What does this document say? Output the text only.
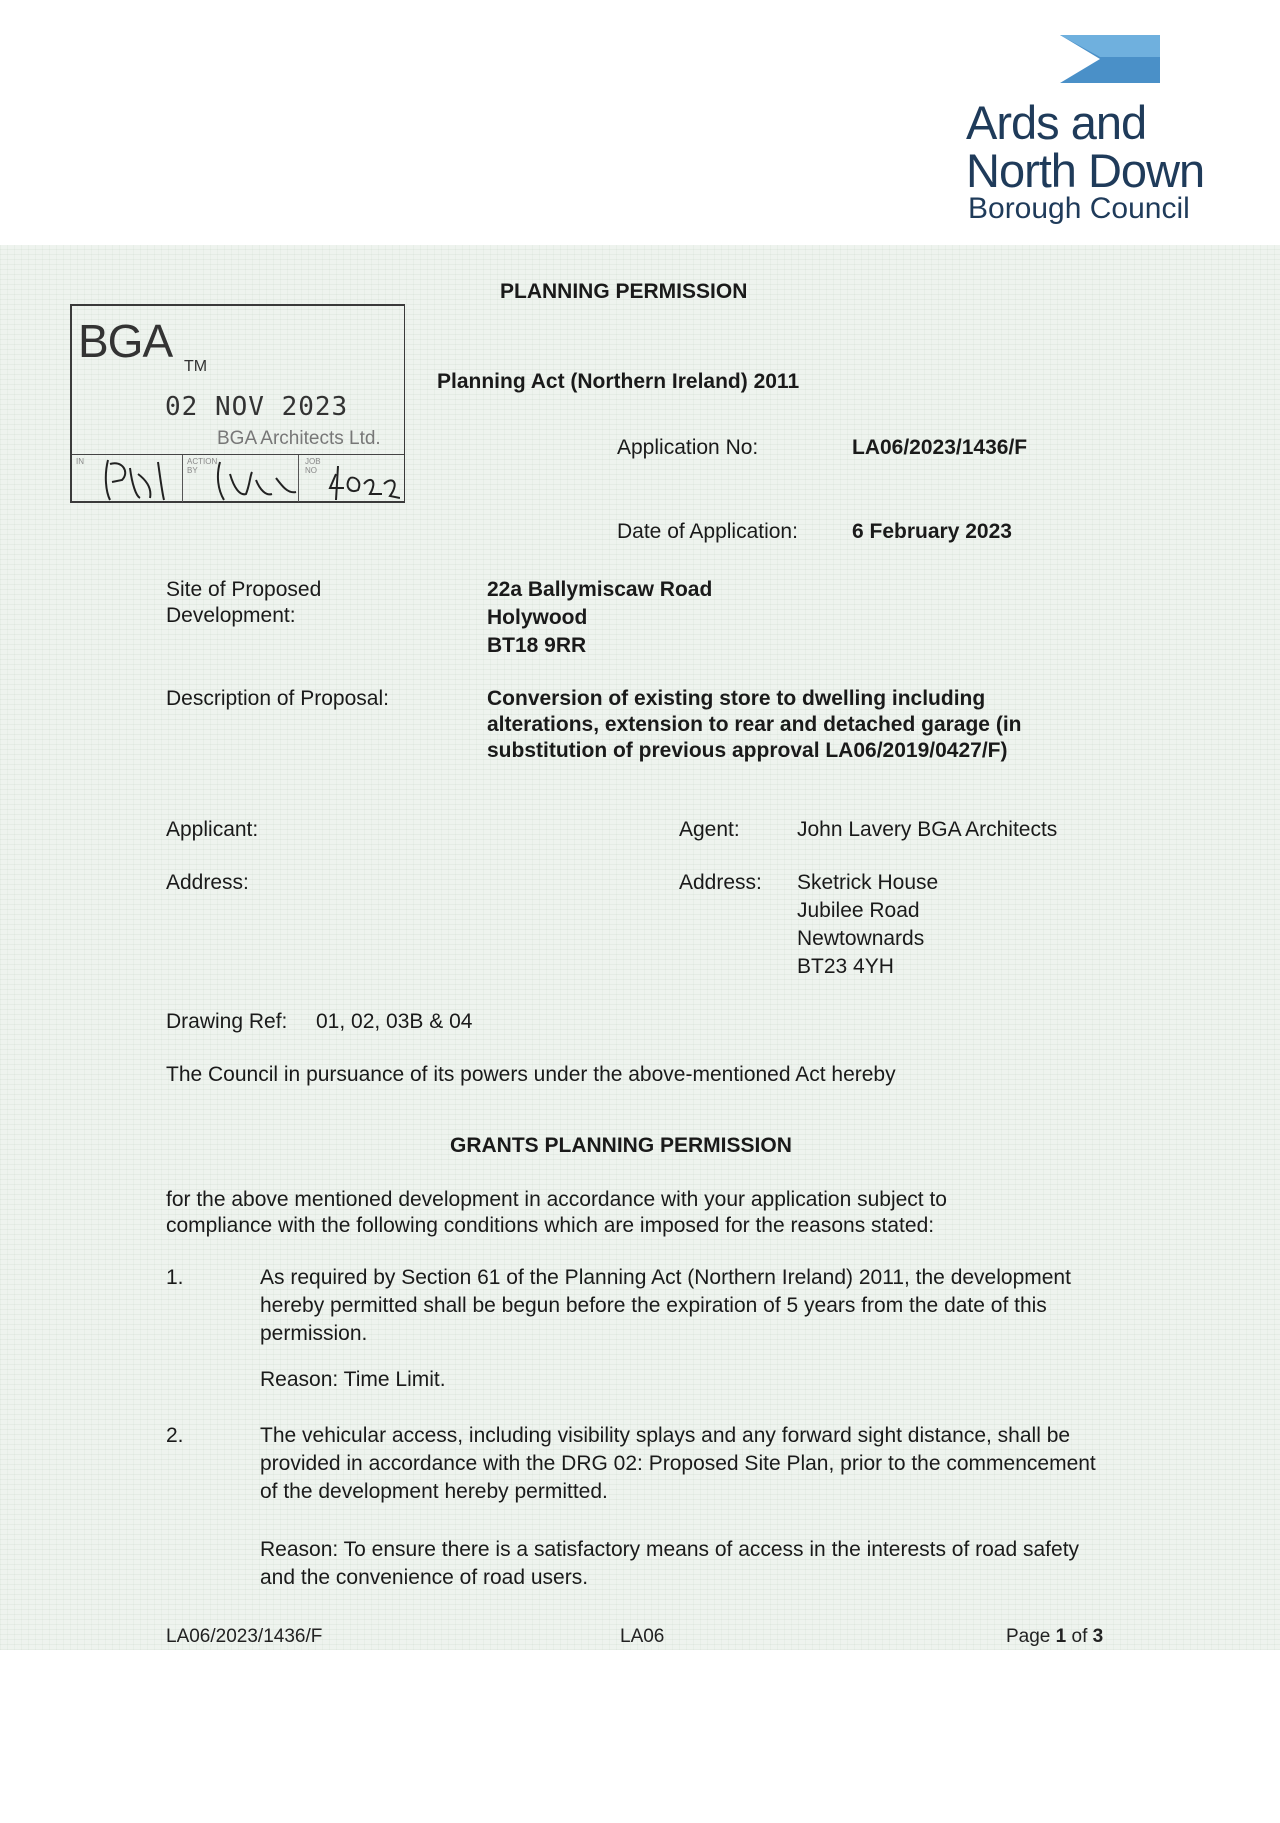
Ards and
North Down
Borough Council
PLANNING PERMISSION
BGA TM
02 NOV 2023
BGA Architects Ltd.
IN	ACTION BY
JOB NO
Planning Act (Northern Ireland) 2011
Application No:	LA06/2023/1436/F
Date of Application:	6 February 2023
Site of Proposed
Development:
22a Ballymiscaw Road
Holywood
BT18 9RR
Description of Proposal:	Conversion of existing store to dwelling including
alterations, extension to rear and detached garage (in
substitution of previous approval LA06/2019/0427/F)
Applicant:	Agent:	John Lavery BGA Architects
Address:	Address: Sketrick House
Jubilee Road
Newtownards
BT23 4YH
Drawing Ref: 01, 02, 03B & 04
The Council in pursuance of its powers under the above-mentioned Act hereby
GRANTS PLANNING PERMISSION
for the above mentioned development in accordance with your application subject to compliance with the following conditions which are imposed for the reasons stated:
1.	As required by Section 61 of the Planning Act (Northern Ireland) 2011, the development hereby permitted shall be begun before the expiration of 5 years from the date of this permission.
Reason: Time Limit.
2.	The vehicular access, including visibility splays and any forward sight distance, shall be provided in accordance with the DRG 02: Proposed Site Plan, prior to the commencement of the development hereby permitted.
Reason: To ensure there is a satisfactory means of access in the interests of road safety and the convenience of road users.
LA06/2023/1436/F	LA06	Page 1 of 3
